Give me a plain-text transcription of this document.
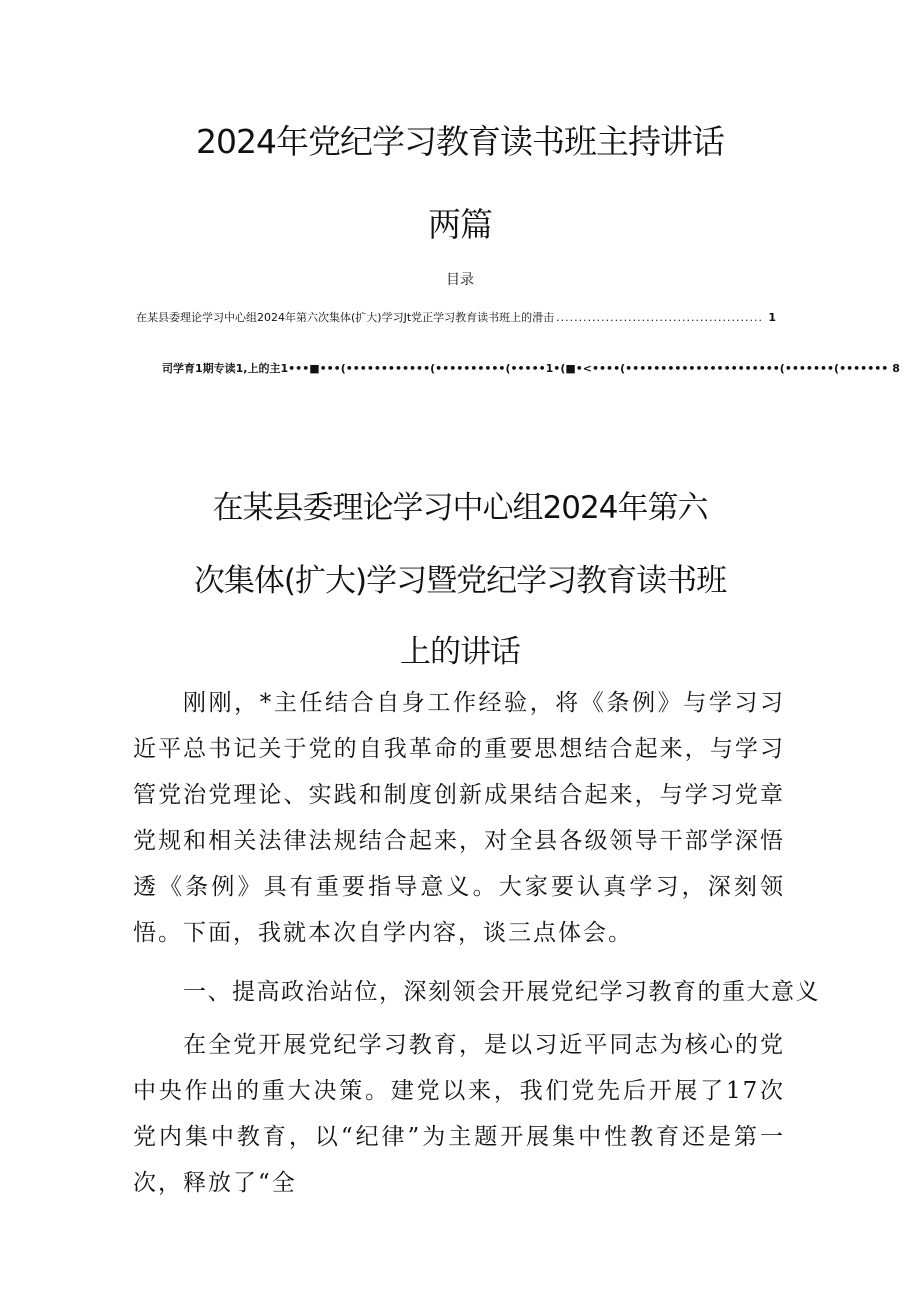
2024年党纪学习教育读书班主持讲话
两篇
目录
在某县委理论学习中心组2024年第六次集体(扩大)学习Jt党正学习教育读书班上的滑击 .............................................. 1
司学育1期专读1,上的主1•••■•••(••••••••••••(••••••••••(•••••1•(■•<••••(••••••••••••••••••••••(•••••••(••••••• 8
在某县委理论学习中心组2024年第六
次集体(扩大)学习暨党纪学习教育读书班
上的讲话
刚刚，*主任结合自身工作经验，将《条例》与学习习近平总书记关于党的自我革命的重要思想结合起来，与学习管党治党理论、实践和制度创新成果结合起来，与学习党章党规和相关法律法规结合起来，对全县各级领导干部学深悟透《条例》具有重要指导意义。大家要认真学习，深刻领悟。下面，我就本次自学内容，谈三点体会。
一、提高政治站位，深刻领会开展党纪学习教育的重大意义
在全党开展党纪学习教育，是以习近平同志为核心的党中央作出的重大决策。建党以来，我们党先后开展了17次党内集中教育，以“纪律”为主题开展集中性教育还是第一次，释放了“全
